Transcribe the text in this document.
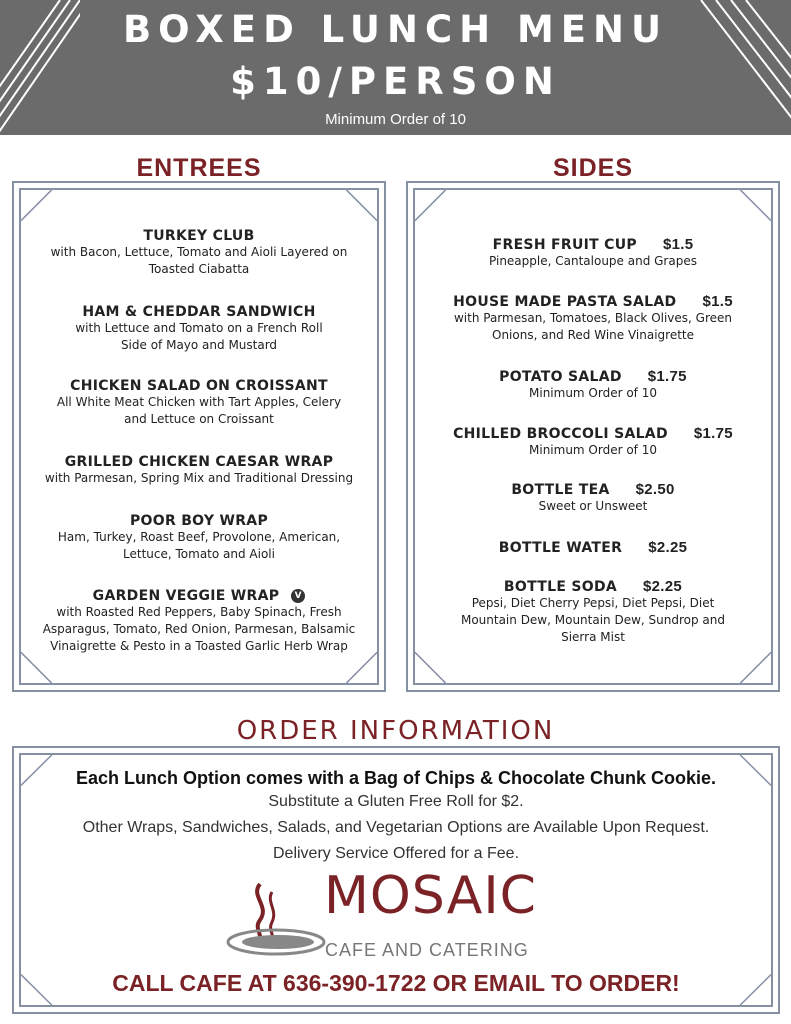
BOXED LUNCH MENU
$10/PERSON
Minimum Order of 10
ENTREES	SIDES
TURKEY CLUB
with Bacon, Lettuce, Tomato and Aioli Layered on
Toasted Ciabatta
HAM & CHEDDAR SANDWICH
with Lettuce and Tomato on a French Roll
Side of Mayo and Mustard
CHICKEN SALAD ON CROISSANT
All White Meat Chicken with Tart Apples, Celery
and Lettuce on Croissant
GRILLED CHICKEN CAESAR WRAP
with Parmesan, Spring Mix and Traditional Dressing
POOR BOY WRAP
Ham, Turkey, Roast Beef, Provolone, American,
Lettuce, Tomato and Aioli
GARDEN VEGGIE WRAP V
with Roasted Red Peppers, Baby Spinach, Fresh
Asparagus, Tomato, Red Onion, Parmesan, Balsamic
Vinaigrette & Pesto in a Toasted Garlic Herb Wrap
FRESH FRUIT CUP $1.5
Pineapple, Cantaloupe and Grapes
HOUSE MADE PASTA SALAD $1.5
with Parmesan, Tomatoes, Black Olives, Green
Onions, and Red Wine Vinaigrette
POTATO SALAD $1.75
Minimum Order of 10
CHILLED BROCCOLI SALAD $1.75
Minimum Order of 10
BOTTLE TEA $2.50
Sweet or Unsweet
BOTTLE WATER $2.25
BOTTLE SODA $2.25
Pepsi, Diet Cherry Pepsi, Diet Pepsi, Diet
Mountain Dew, Mountain Dew, Sundrop and
Sierra Mist
ORDER INFORMATION
Each Lunch Option comes with a Bag of Chips & Chocolate Chunk Cookie.
Substitute a Gluten Free Roll for $2.
Other Wraps, Sandwiches, Salads, and Vegetarian Options are Available Upon Request.
Delivery Service Offered for a Fee.
MOSAIC
CAFE AND CATERING
CALL CAFE AT 636-390-1722 OR EMAIL TO ORDER!
